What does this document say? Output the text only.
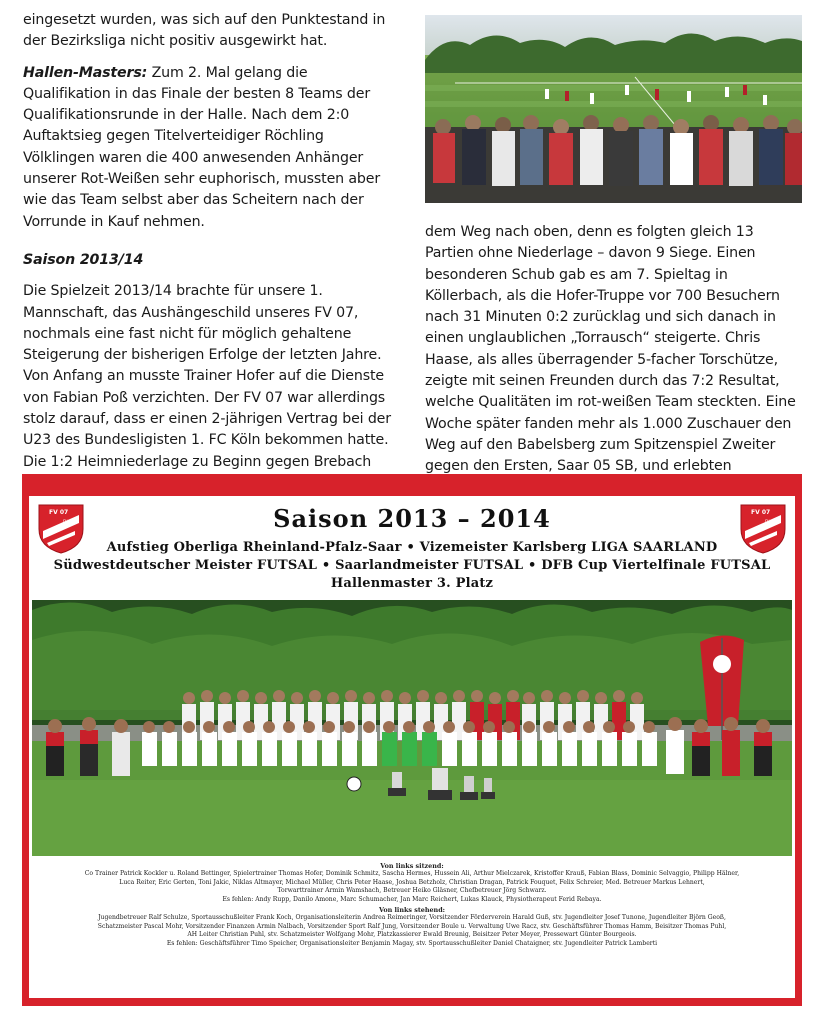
eingesetzt wurden, was sich auf den Punktestand in der Bezirksliga nicht positiv ausgewirkt hat.

Hallen-Masters: Zum 2. Mal gelang die Qualifikation in das Finale der besten 8 Teams der Qualifikationsrunde in der Halle. Nach dem 2:0 Auftaktsieg gegen Titelverteidiger Röchling Völklingen waren die 400 anwesenden Anhänger unserer Rot-Weißen sehr euphorisch, mussten aber wie das Team selbst aber das Scheitern nach der Vorrunde in Kauf nehmen.

Saison 2013/14

Die Spielzeit 2013/14 brachte für unsere 1. Mannschaft, das Aushängeschild unseres FV 07, nochmals eine fast nicht für möglich gehaltene Steigerung der bisherigen Erfolge der letzten Jahre. Von Anfang an musste Trainer Hofer auf die Dienste von Fabian Poß verzichten. Der FV 07 war allerdings stolz darauf, dass er einen 2-jährigen Vertrag bei der U23 des Bundesligisten 1. FC Köln bekommen hatte. Die 1:2 Heimniederlage zu Beginn gegen Brebach

dem Weg nach oben, denn es folgten gleich 13 Partien ohne Niederlage – davon 9 Siege. Einen besonderen Schub gab es am 7. Spieltag in Köllerbach, als die Hofer-Truppe vor 700 Besuchern nach 31 Minuten 0:2 zurücklag und sich danach in einen unglaublichen „Torrausch“ steigerte. Chris Haase, als alles überragender 5-facher Torschütze, zeigte mit seinen Freunden durch das 7:2 Resultat, welche Qualitäten im rot-weißen Team steckten. Eine Woche später fanden mehr als 1.000 Zuschauer den Weg auf den Babelsberg zum Spitzenspiel Zweiter gegen den Ersten, Saar 05 SB, und erlebten

FV 07
Dieffen
FV 07
Dieffen
Saison 2013 – 2014
Aufstieg Oberliga Rheinland-Pfalz-Saar • Vizemeister Karlsberg LIGA SAARLAND
Südwestdeutscher Meister FUTSAL • Saarlandmeister FUTSAL • DFB Cup Viertelfinale FUTSAL
Hallenmaster 3. Platz

Von links sitzend:

Co Trainer Patrick Kockler u. Roland Bettinger, Spielertrainer Thomas Hofer, Dominik Schmitz, Sascha Hermes, Hussein Ali, Arthur Mielczarek, Kristoffer Krauß, Fabian Blass, Dominic Selvaggio, Philipp Hälner,

Luca Reiter, Eric Gerten, Toni Jakic, Niklas Altmayer, Michael Müller, Chris Peter Haase, Joshua Betzholz, Christian Dragan, Patrick Fouquet, Felix Schreier, Med. Betreuer Markus Lehnert,

Torwarttrainer Armin Wamshach, Betreuer Heiko Gläsner, Chefbetreuer Jörg Schwarz.

Es fehlen: Andy Rupp, Danilo Amone, Marc Schumacher, Jan Marc Reichert, Lukas Klauck, Physiotherapeut Ferid Rebaya.

Von links stehend:

Jugendbetreuer Ralf Schulze, Sportausschußleiter Frank Koch, Organisationsleiterin Andrea Reimeringer, Vorsitzender Förderverein Harald Guß, stv. Jugendleiter Josef Tunone, Jugendleiter Björn Geoß,

Schatzmeister Pascal Mohr, Vorsitzender Finanzen Armin Nalbach, Vorsitzender Sport Ralf Jung, Vorsitzender Boule u. Verwaltung Uwe Racz, stv. Geschäftsführer Thomas Hamm, Beisitzer Thomas Puhl,

AH Leiter Christian Puhl, stv. Schatzmeister Wolfgang Mohr, Platzkassierer Ewald Breunig, Beisitzer Peter Meyer, Pressewart Günter Bourgeois.

Es fehlen: Geschäftsführer Timo Speicher, Organisationsleiter Benjamin Magay, stv. Sportausschußleiter Daniel Chataigner, stv. Jugendleiter Patrick Lamberti
